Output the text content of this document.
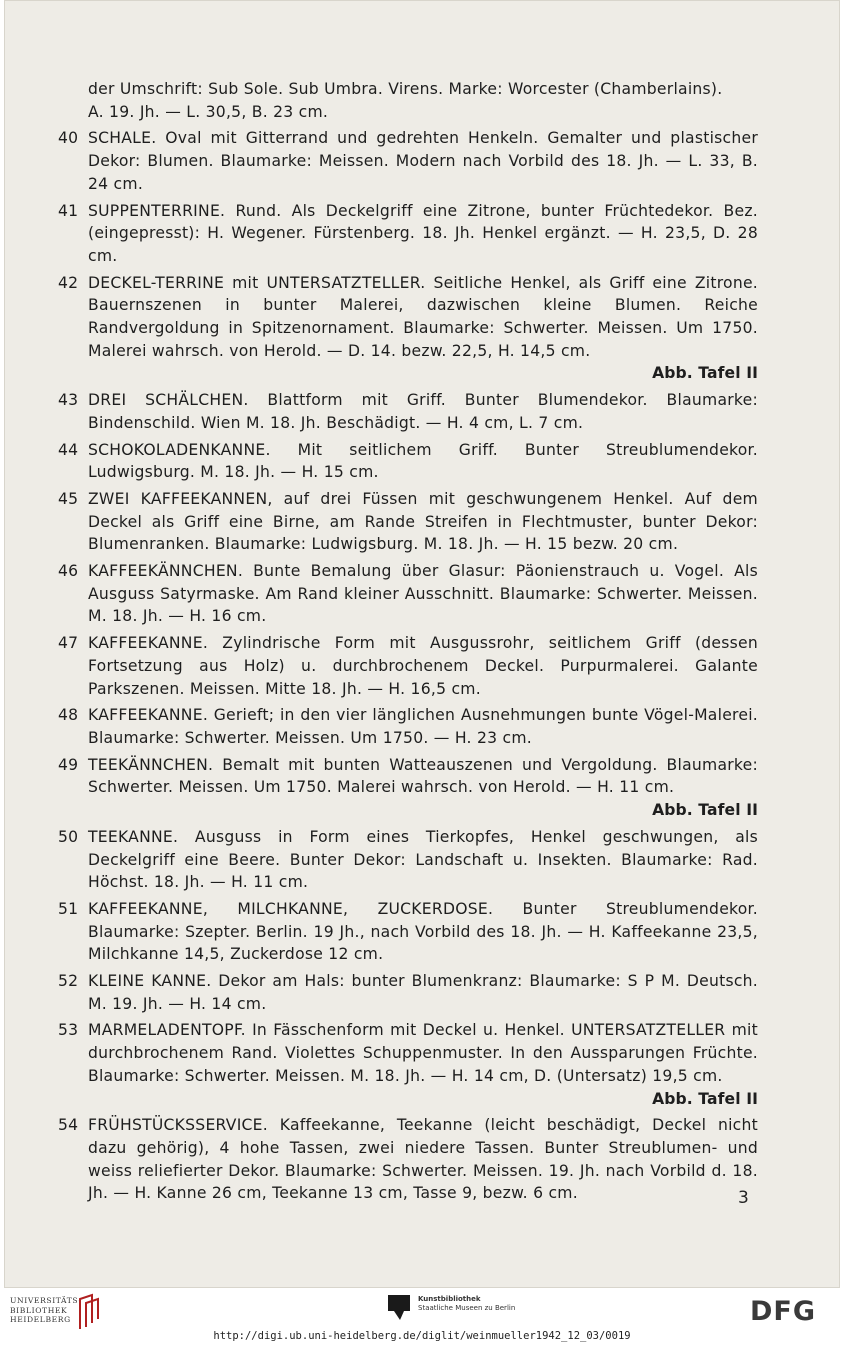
der Umschrift: Sub Sole. Sub Umbra. Virens. Marke: Worcester (Chamberlains).
A. 19. Jh. — L. 30,5, B. 23 cm.
40 SCHALE. Oval mit Gitterrand und gedrehten Henkeln. Gemalter und plastischer Dekor: Blumen. Blaumarke: Meissen. Modern nach Vorbild des 18. Jh. — L. 33, B. 24 cm.
41 SUPPENTERRINE. Rund. Als Deckelgriff eine Zitrone, bunter Früchtedekor. Bez. (eingepresst): H. Wegener. Fürstenberg. 18. Jh. Henkel ergänzt. — H. 23,5, D. 28 cm.
42 DECKEL-TERRINE mit UNTERSATZTELLER. Seitliche Henkel, als Griff eine Zitrone. Bauernszenen in bunter Malerei, dazwischen kleine Blumen. Reiche Randvergoldung in Spitzenornament. Blaumarke: Schwerter. Meissen. Um 1750. Malerei wahrsch. von Herold. — D. 14. bezw. 22,5, H. 14,5 cm.
Abb. Tafel II
43 DREI SCHÄLCHEN. Blattform mit Griff. Bunter Blumendekor. Blaumarke: Bindenschild. Wien M. 18. Jh. Beschädigt. — H. 4 cm, L. 7 cm.
44 SCHOKOLADENKANNE. Mit seitlichem Griff. Bunter Streublumendekor. Ludwigsburg. M. 18. Jh. — H. 15 cm.
45 ZWEI KAFFEEKANNEN, auf drei Füssen mit geschwungenem Henkel. Auf dem Deckel als Griff eine Birne, am Rande Streifen in Flechtmuster, bunter Dekor: Blumenranken. Blaumarke: Ludwigsburg. M. 18. Jh. — H. 15 bezw. 20 cm.
46 KAFFEEKÄNNCHEN. Bunte Bemalung über Glasur: Päonienstrauch u. Vogel. Als Ausguss Satyrmaske. Am Rand kleiner Ausschnitt. Blaumarke: Schwerter. Meissen. M. 18. Jh. — H. 16 cm.
47 KAFFEEKANNE. Zylindrische Form mit Ausgussrohr, seitlichem Griff (dessen Fortsetzung aus Holz) u. durchbrochenem Deckel. Purpurmalerei. Galante Parkszenen. Meissen. Mitte 18. Jh. — H. 16,5 cm.
48 KAFFEEKANNE. Gerieft; in den vier länglichen Ausnehmungen bunte Vögel-Malerei. Blaumarke: Schwerter. Meissen. Um 1750. — H. 23 cm.
49 TEEKÄNNCHEN. Bemalt mit bunten Watteauszenen und Vergoldung. Blaumarke: Schwerter. Meissen. Um 1750. Malerei wahrsch. von Herold. — H. 11 cm.
Abb. Tafel II
50 TEEKANNE. Ausguss in Form eines Tierkopfes, Henkel geschwungen, als Deckelgriff eine Beere. Bunter Dekor: Landschaft u. Insekten. Blaumarke: Rad. Höchst. 18. Jh. — H. 11 cm.
51 KAFFEEKANNE, MILCHKANNE, ZUCKERDOSE. Bunter Streublumendekor. Blaumarke: Szepter. Berlin. 19 Jh., nach Vorbild des 18. Jh. — H. Kaffeekanne 23,5, Milchkanne 14,5, Zuckerdose 12 cm.
52 KLEINE KANNE. Dekor am Hals: bunter Blumenkranz: Blaumarke: S P M. Deutsch. M. 19. Jh. — H. 14 cm.
53 MARMELADENTOPF. In Fässchenform mit Deckel u. Henkel. UNTERSATZTELLER mit durchbrochenem Rand. Violettes Schuppenmuster. In den Aussparungen Früchte. Blaumarke: Schwerter. Meissen. M. 18. Jh. — H. 14 cm, D. (Untersatz) 19,5 cm.
Abb. Tafel II
54 FRÜHSTÜCKSSERVICE. Kaffeekanne, Teekanne (leicht beschädigt, Deckel nicht dazu gehörig), 4 hohe Tassen, zwei niedere Tassen. Bunter Streublumen- und weiss reliefierter Dekor. Blaumarke: Schwerter. Meissen. 19. Jh. nach Vorbild d. 18. Jh. — H. Kanne 26 cm, Teekanne 13 cm, Tasse 9, bezw. 6 cm.	3
UNIVERSITÄTS-
BIBLIOTHEK
HEIDELBERG
Kunstbibliothek
Staatliche Museen zu Berlin	DFG
http://digi.ub.uni-heidelberg.de/diglit/weinmueller1942_12_03/0019
